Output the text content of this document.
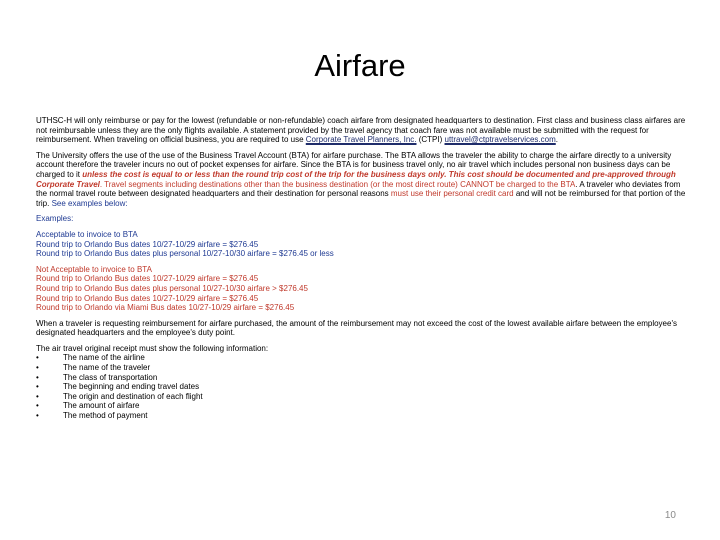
Airfare

UTHSC-H will only reimburse or pay for the lowest (refundable or non-refundable) coach airfare from designated headquarters to destination. First class and business class airfares are not reimbursable unless they are the only flights available. A statement provided by the travel agency that coach fare was not available must be submitted with the request for reimbursement. When traveling on official business, you are required to use Corporate Travel Planners, Inc. (CTPI) uttravel@ctptravelservices.com.

The University offers the use of the use of the Business Travel Account (BTA) for airfare purchase. The BTA allows the traveler the ability to charge the airfare directly to a university account therefore the traveler incurs no out of pocket expenses for airfare. Since the BTA is for business travel only, no air travel which includes personal non business days can be charged to it unless the cost is equal to or less than the round trip cost of the trip for the business days only. This cost should be documented and pre-approved through Corporate Travel. Travel segments including destinations other than the business destination (or the most direct route) CANNOT be charged to the BTA. A traveler who deviates from the normal travel route between designated headquarters and their destination for personal reasons must use their personal credit card and will not be reimbursed for that portion of the trip. See examples below:

Examples:

Acceptable to invoice to BTA
Round trip to Orlando Bus dates 10/27-10/29 airfare = $276.45
Round trip to Orlando Bus dates plus personal 10/27-10/30 airfare = $276.45 or less

Not Acceptable to invoice to BTA
Round trip to Orlando Bus dates 10/27-10/29 airfare = $276.45
Round trip to Orlando Bus dates plus personal 10/27-10/30 airfare > $276.45
Round trip to Orlando Bus dates 10/27-10/29 airfare = $276.45
Round trip to Orlando via Miami Bus dates 10/27-10/29 airfare = $276.45

When a traveler is requesting reimbursement for airfare purchased, the amount of the reimbursement may not exceed the cost of the lowest available airfare between the employee's designated headquarters and the employee's duty point.

The air travel original receipt must show the following information:
•	The name of the airline
•	The name of the traveler
•	The class of transportation
•	The beginning and ending travel dates
•	The origin and destination of each flight
•	The amount of airfare
•	The method of payment
10
